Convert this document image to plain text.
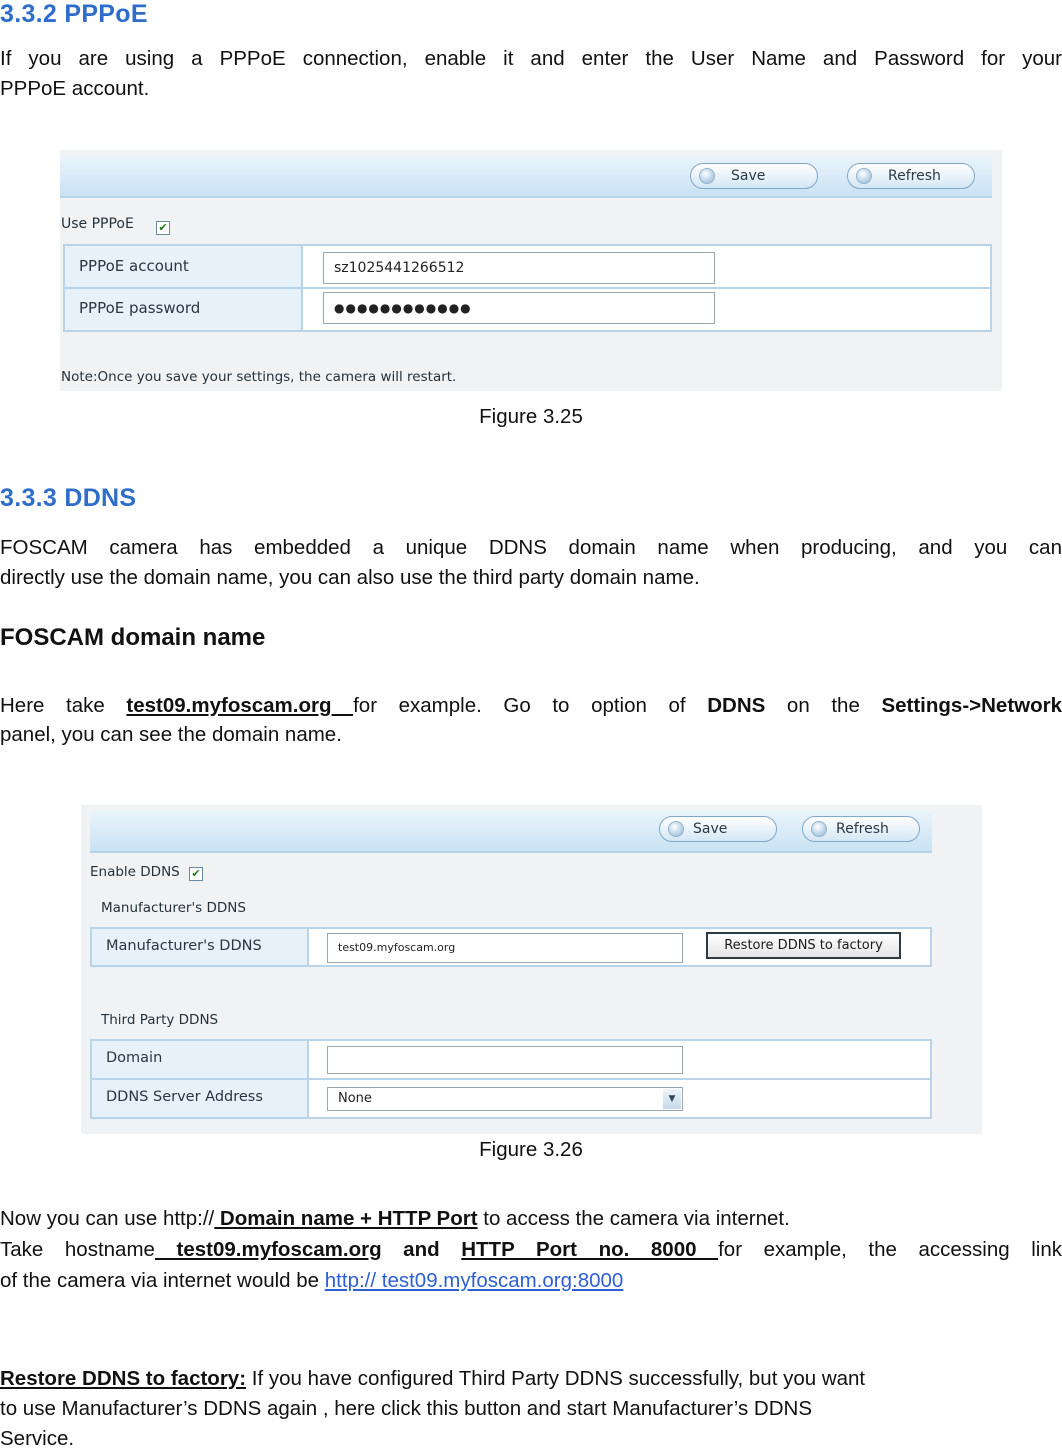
3.3.2 PPPoE
If you are using a PPPoE connection, enable it and enter the User Name and Password for your
PPPoE account.
Save	Refresh
Use PPPoE ✔
PPPoE account	sz1025441266512
PPPoE password	●●●●●●●●●●●●
Note:Once you save your settings, the camera will restart.
Figure 3.25
3.3.3 DDNS
FOSCAM camera has embedded a unique DDNS domain name when producing, and you can
directly use the domain name, you can also use the third party domain name.
FOSCAM domain name
Here take test09.myfoscam.org for example. Go to option of DDNS on the Settings->Network
panel, you can see the domain name.
Save	Refresh
Enable DDNS ✔
Manufacturer's DDNS
Manufacturer's DDNS	test09.myfoscam.org	Restore DDNS to factory
Third Party DDNS
Domain
DDNS Server Address	None	▼
Figure 3.26
Now you can use http:// Domain name + HTTP Port to access the camera via internet.
Take hostname test09.myfoscam.org and HTTP Port no. 8000 for example, the accessing link
of the camera via internet would be http:// test09.myfoscam.org:8000
Restore DDNS to factory: If you have configured Third Party DDNS successfully, but you want
to use Manufacturer’s DDNS again , here click this button and start Manufacturer’s DDNS
Service.
